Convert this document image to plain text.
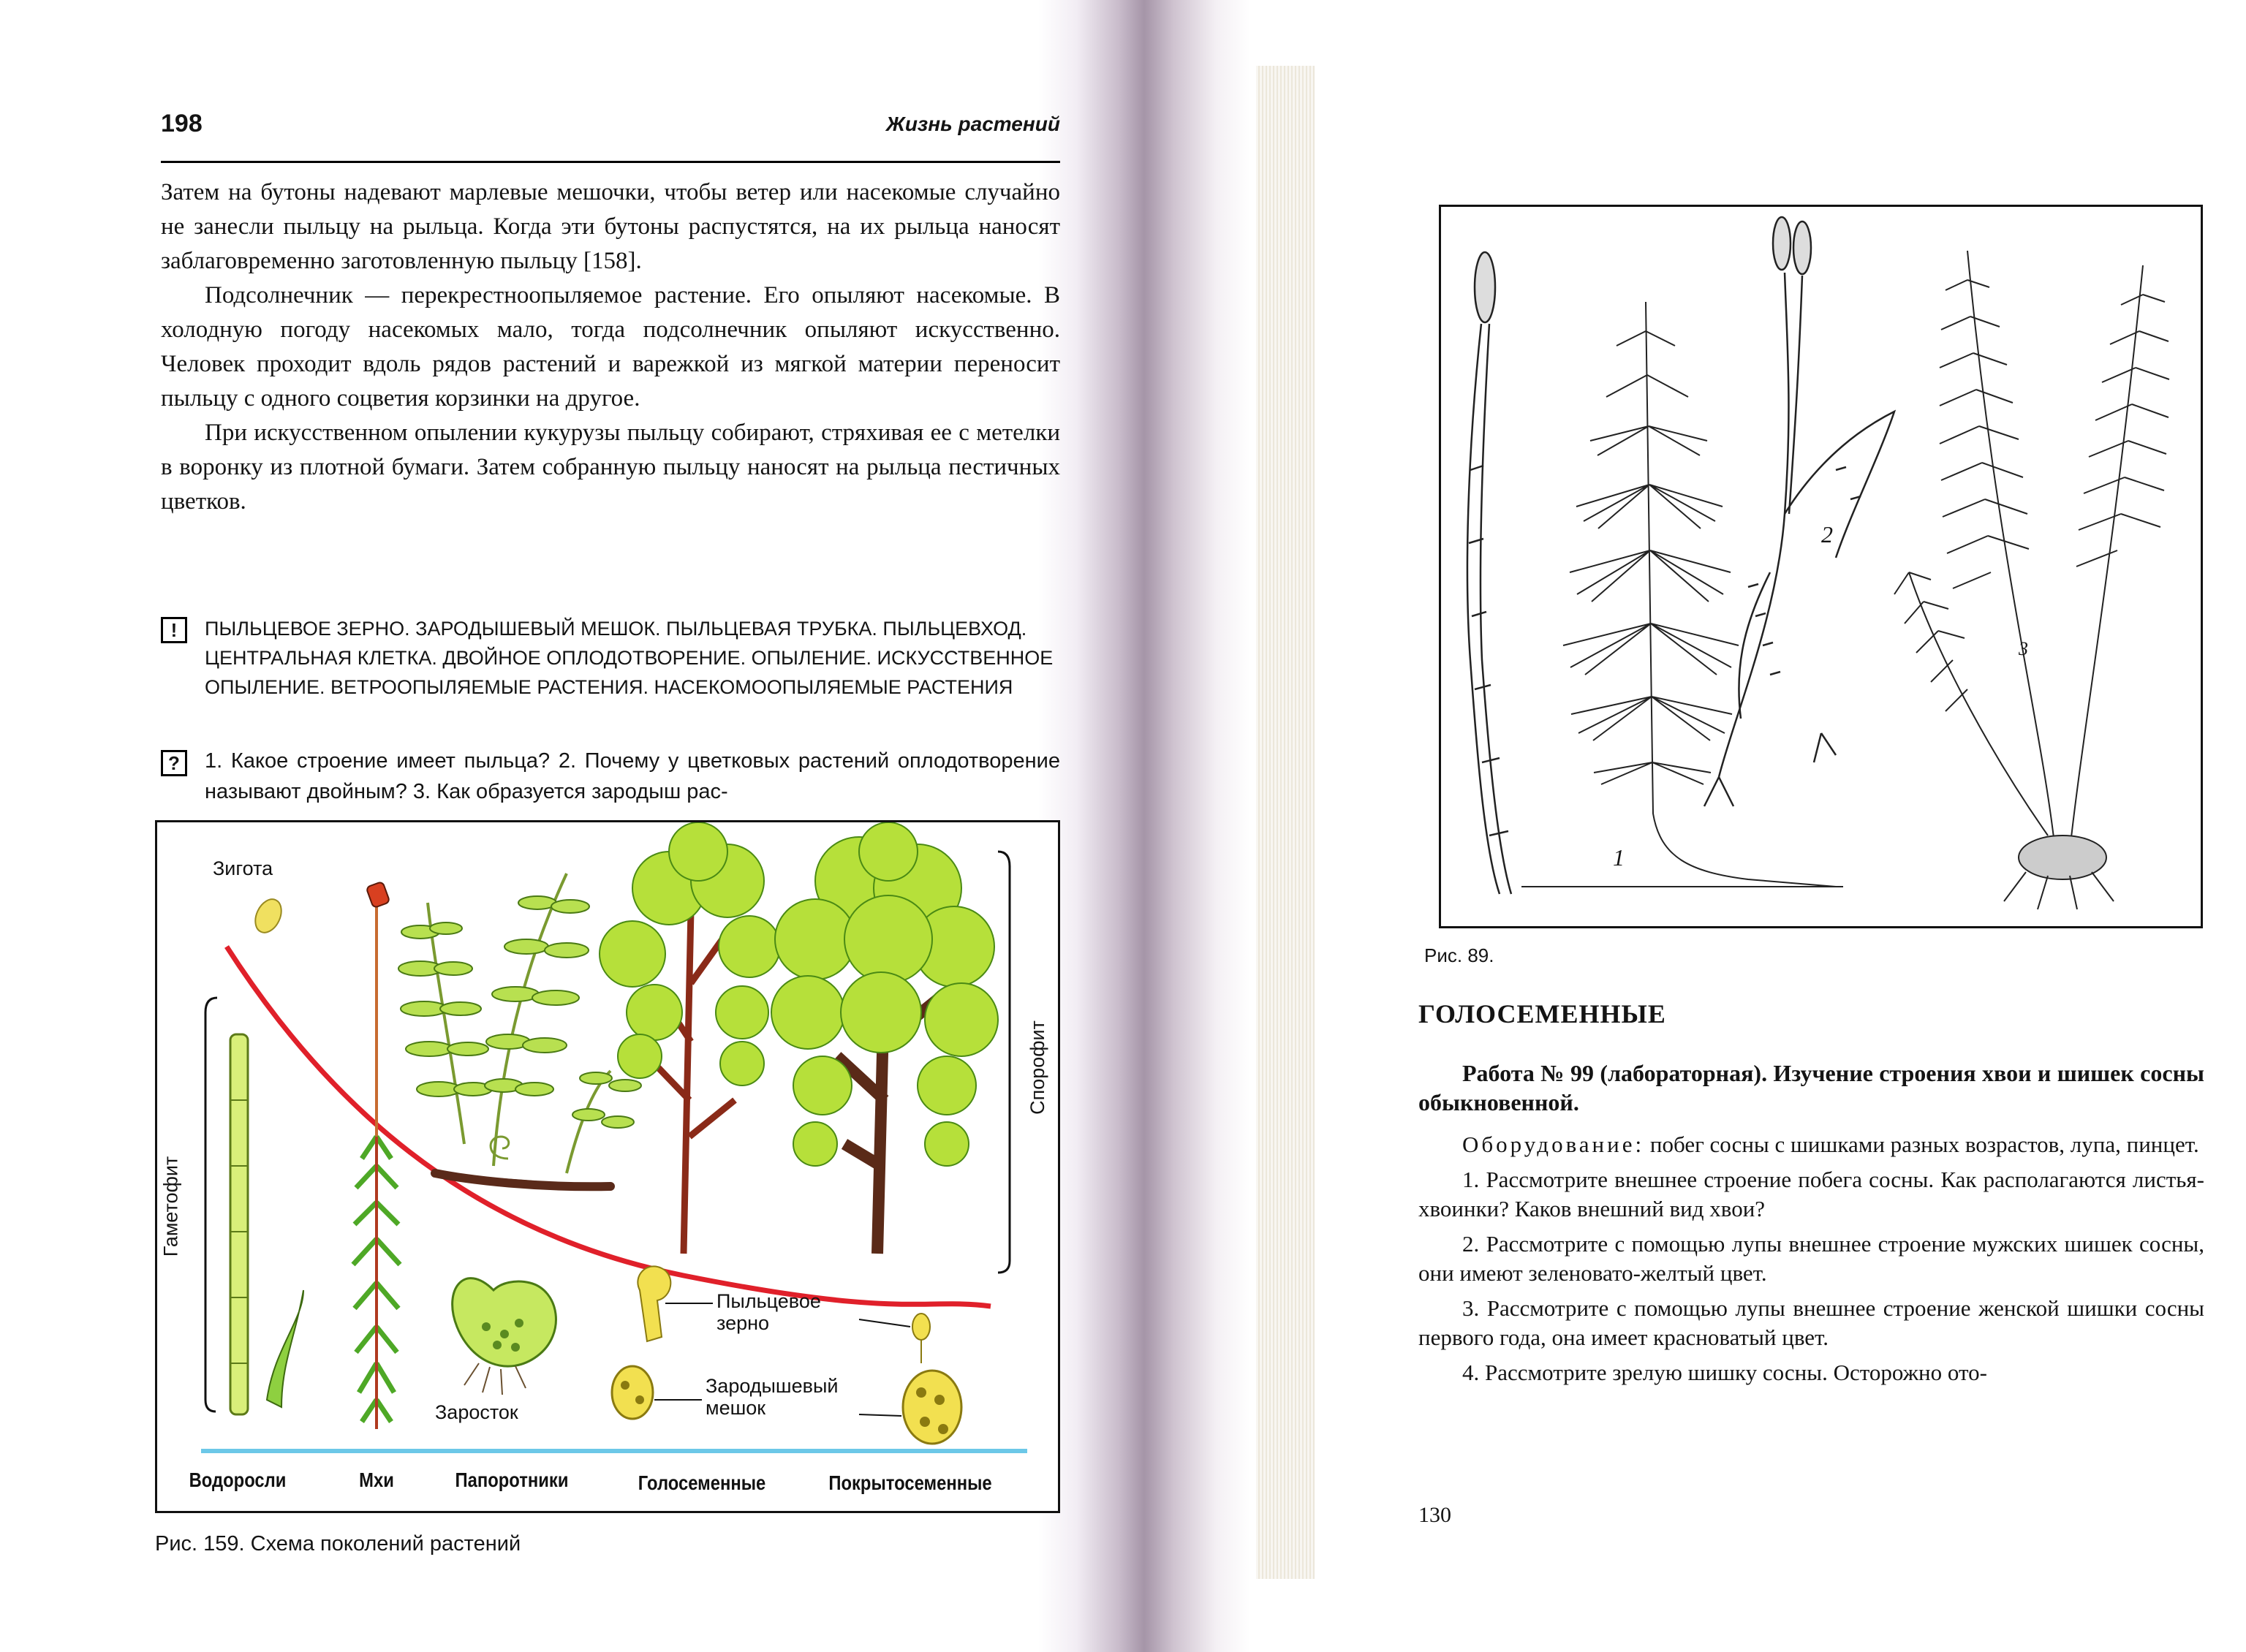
198	Жизнь растений

Затем на бутоны надевают марлевые мешочки, чтобы ветер или насекомые случайно не занесли пыльцу на рыльца. Когда эти бутоны распустятся, на их рыльца наносят заблаговременно заготовленную пыльцу [158].

Подсолнечник — перекрестноопыляемое растение. Его опыляют насекомые. В холодную погоду насекомых мало, тогда подсолнечник опыляют искусственно. Человек проходит вдоль рядов растений и варежкой из мягкой материи переносит пыльцу с одного соцветия корзинки на другое.

При искусственном опылении кукурузы пыльцу собирают, стряхивая ее с метелки в воронку из плотной бумаги. Затем собранную пыльцу наносят на рыльца пестичных цветков.

!	ПЫЛЬЦЕВОЕ ЗЕРНО. ЗАРОДЫШЕВЫЙ МЕШОК. ПЫЛЬЦЕВАЯ ТРУБКА. ПЫЛЬЦЕВХОД. ЦЕНТРАЛЬНАЯ КЛЕТКА. ДВОЙНОЕ ОПЛОДОТВОРЕНИЕ. ОПЫЛЕНИЕ. ИСКУССТВЕННОЕ ОПЫЛЕНИЕ. ВЕТРООПЫЛЯЕМЫЕ РАСТЕНИЯ. НАСЕКОМООПЫЛЯЕМЫЕ РАСТЕНИЯ
?	1. Какое строение имеет пыльца? 2. Почему у цветковых растений оплодотворение называют двойным? 3. Как образуется зародыш рас-
Зигота
Гаметофит
Спорофит
Заросток
Пыльцевое зерно
Зародышевый мешок
Водоросли	Мхи	Папоротники	Голосеменные	Покрытосеменные
Рис. 159. Схема поколений растений
1
2
3
Рис. 89.
ГОЛОСЕМЕННЫЕ
Работа № 99 (лабораторная). Изучение строения хвои и шишек сосны обыкновенной.

Оборудование: побег сосны с шишками разных возрастов, лупа, пинцет.

1. Рассмотрите внешнее строение побега сосны. Как располагаются листья-хвоинки? Каков внешний вид хвои?

2. Рассмотрите с помощью лупы внешнее строение мужских шишек сосны, они имеют зеленовато-желтый цвет.

3. Рассмотрите с помощью лупы внешнее строение женской шишки сосны первого года, она имеет красноватый цвет.

4. Рассмотрите зрелую шишку сосны. Осторожно ото-

130
